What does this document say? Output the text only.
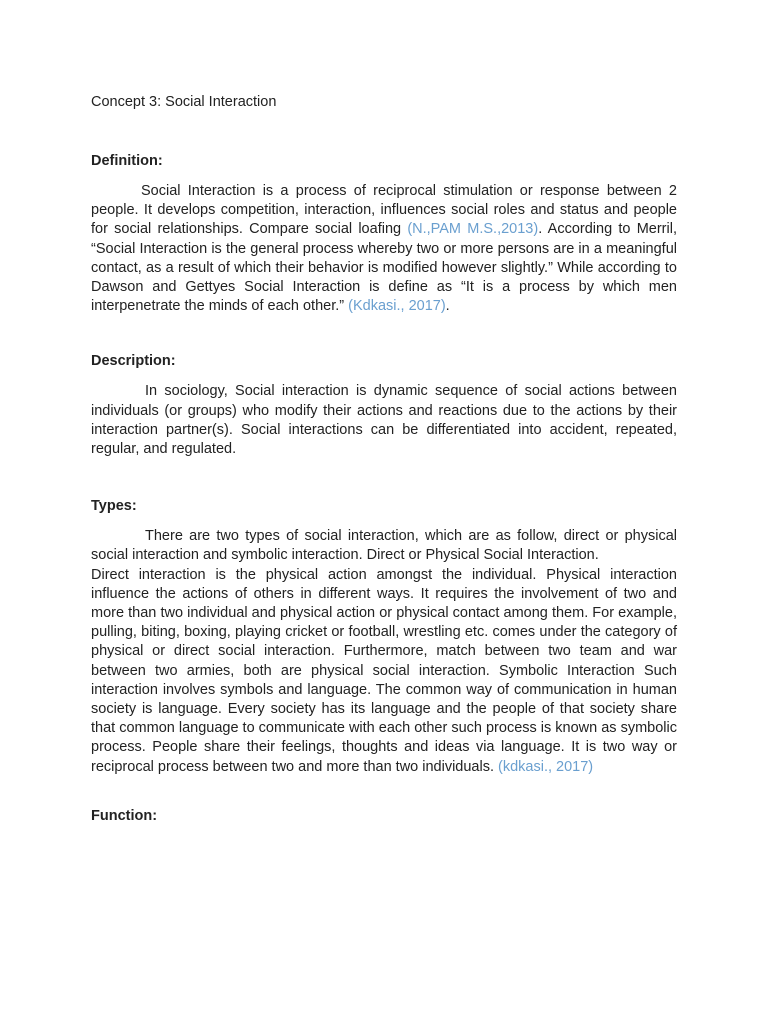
Concept 3: Social Interaction
Definition:

Social Interaction is a process of reciprocal stimulation or response between 2 people. It develops competition, interaction, influences social roles and status and people for social relationships. Compare social loafing (N.,PAM M.S.,2013). According to Merril, “Social Interaction is the general process whereby two or more persons are in a meaningful contact, as a result of which their behavior is modified however slightly.” While according to Dawson and Gettyes Social Interaction is define as “It is a process by which men interpenetrate the minds of each other.” (Kdkasi., 2017).

Description:

In sociology, Social interaction is dynamic sequence of social actions between individuals (or groups) who modify their actions and reactions due to the actions by their interaction partner(s). Social interactions can be differentiated into accident, repeated, regular, and regulated.

Types:

There are two types of social interaction, which are as follow, direct or physical social interaction and symbolic interaction. Direct or Physical Social Interaction.

Direct interaction is the physical action amongst the individual. Physical interaction influence the actions of others in different ways. It requires the involvement of two and more than two individual and physical action or physical contact among them. For example, pulling, biting, boxing, playing cricket or football, wrestling etc. comes under the category of physical or direct social interaction. Furthermore, match between two team and war between two armies, both are physical social interaction. Symbolic Interaction Such interaction involves symbols and language. The common way of communication in human society is language. Every society has its language and the people of that society share that common language to communicate with each other such process is known as symbolic process. People share their feelings, thoughts and ideas via language. It is two way or reciprocal process between two and more than two individuals. (kdkasi., 2017)

Function:
